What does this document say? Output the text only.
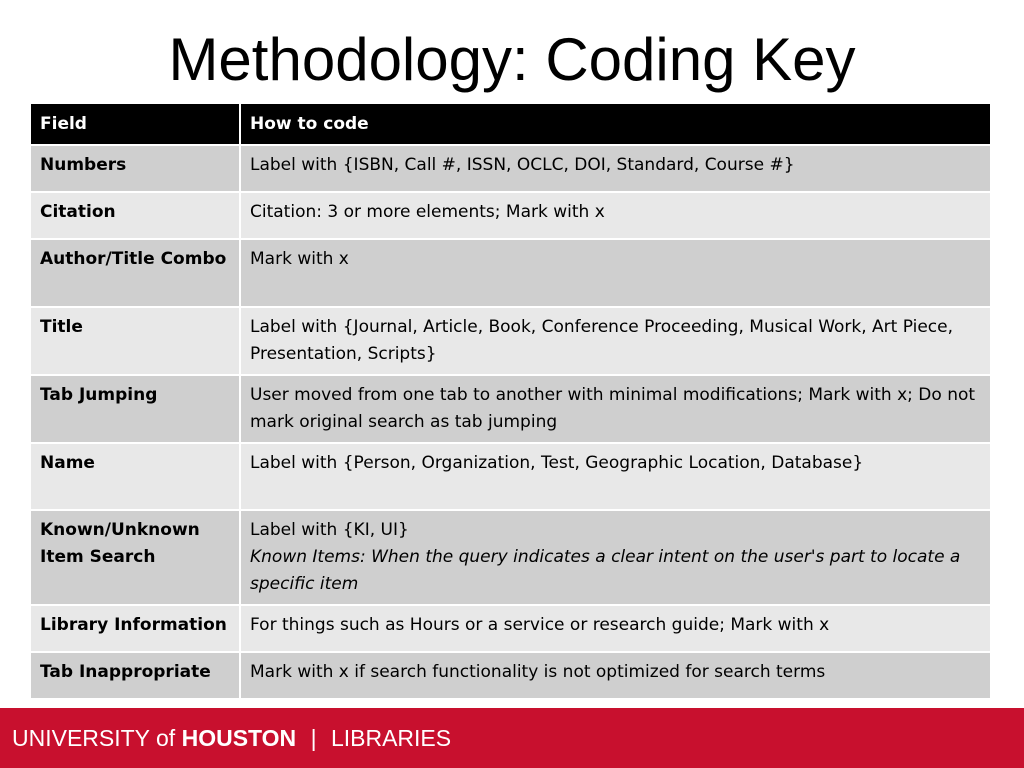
Methodology: Coding Key
Field	How to code
Numbers	Label with {ISBN, Call #, ISSN, OCLC, DOI, Standard, Course #}

Citation	Citation: 3 or more elements; Mark with x

Author/Title Combo	Mark with x

Title	Label with {Journal, Article, Book, Conference Proceeding, Musical Work, Art Piece, Presentation, Scripts}

Tab Jumping	User moved from one tab to another with minimal modifications; Mark with x; Do not mark original search as tab jumping

Name	Label with {Person, Organization, Test, Geographic Location, Database}

Known/Unknown Item Search	Label with {KI, UI}
Known Items: When the query indicates a clear intent on the user's part to locate a specific item

Library Information	For things such as Hours or a service or research guide; Mark with x

Tab Inappropriate	Mark with x if search functionality is not optimized for search terms
UNIVERSITY of HOUSTON | LIBRARIES
